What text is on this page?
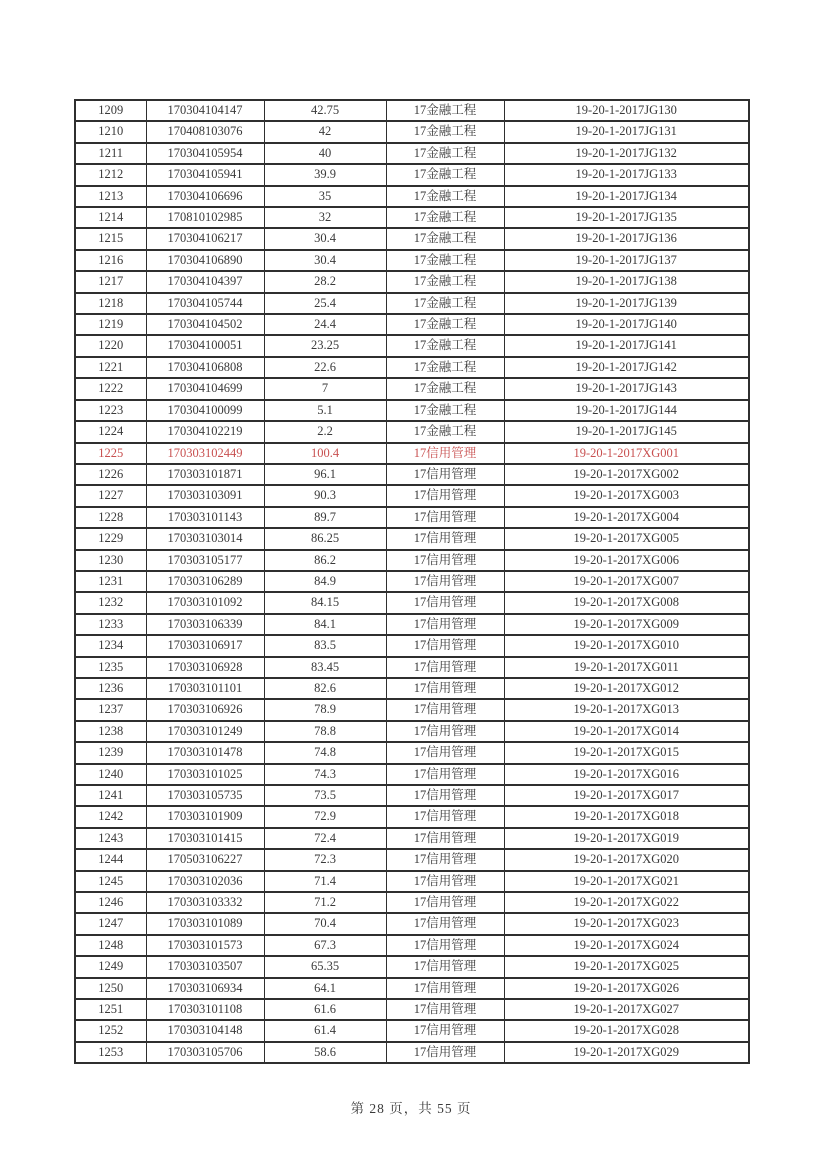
1209	170304104147	42.75	17金融工程	19-20-1-2017JG130
1210	170408103076	42	17金融工程	19-20-1-2017JG131
1211	170304105954	40	17金融工程	19-20-1-2017JG132
1212	170304105941	39.9	17金融工程	19-20-1-2017JG133
1213	170304106696	35	17金融工程	19-20-1-2017JG134
1214	170810102985	32	17金融工程	19-20-1-2017JG135
1215	170304106217	30.4	17金融工程	19-20-1-2017JG136
1216	170304106890	30.4	17金融工程	19-20-1-2017JG137
1217	170304104397	28.2	17金融工程	19-20-1-2017JG138
1218	170304105744	25.4	17金融工程	19-20-1-2017JG139
1219	170304104502	24.4	17金融工程	19-20-1-2017JG140
1220	170304100051	23.25	17金融工程	19-20-1-2017JG141
1221	170304106808	22.6	17金融工程	19-20-1-2017JG142
1222	170304104699	7	17金融工程	19-20-1-2017JG143
1223	170304100099	5.1	17金融工程	19-20-1-2017JG144
1224	170304102219	2.2	17金融工程	19-20-1-2017JG145
1225	170303102449	100.4	17信用管理	19-20-1-2017XG001
1226	170303101871	96.1	17信用管理	19-20-1-2017XG002
1227	170303103091	90.3	17信用管理	19-20-1-2017XG003
1228	170303101143	89.7	17信用管理	19-20-1-2017XG004
1229	170303103014	86.25	17信用管理	19-20-1-2017XG005
1230	170303105177	86.2	17信用管理	19-20-1-2017XG006
1231	170303106289	84.9	17信用管理	19-20-1-2017XG007
1232	170303101092	84.15	17信用管理	19-20-1-2017XG008
1233	170303106339	84.1	17信用管理	19-20-1-2017XG009
1234	170303106917	83.5	17信用管理	19-20-1-2017XG010
1235	170303106928	83.45	17信用管理	19-20-1-2017XG011
1236	170303101101	82.6	17信用管理	19-20-1-2017XG012
1237	170303106926	78.9	17信用管理	19-20-1-2017XG013
1238	170303101249	78.8	17信用管理	19-20-1-2017XG014
1239	170303101478	74.8	17信用管理	19-20-1-2017XG015
1240	170303101025	74.3	17信用管理	19-20-1-2017XG016
1241	170303105735	73.5	17信用管理	19-20-1-2017XG017
1242	170303101909	72.9	17信用管理	19-20-1-2017XG018
1243	170303101415	72.4	17信用管理	19-20-1-2017XG019
1244	170503106227	72.3	17信用管理	19-20-1-2017XG020
1245	170303102036	71.4	17信用管理	19-20-1-2017XG021
1246	170303103332	71.2	17信用管理	19-20-1-2017XG022
1247	170303101089	70.4	17信用管理	19-20-1-2017XG023
1248	170303101573	67.3	17信用管理	19-20-1-2017XG024
1249	170303103507	65.35	17信用管理	19-20-1-2017XG025
1250	170303106934	64.1	17信用管理	19-20-1-2017XG026
1251	170303101108	61.6	17信用管理	19-20-1-2017XG027
1252	170303104148	61.4	17信用管理	19-20-1-2017XG028
1253	170303105706	58.6	17信用管理	19-20-1-2017XG029
第 28 页，共 55 页
